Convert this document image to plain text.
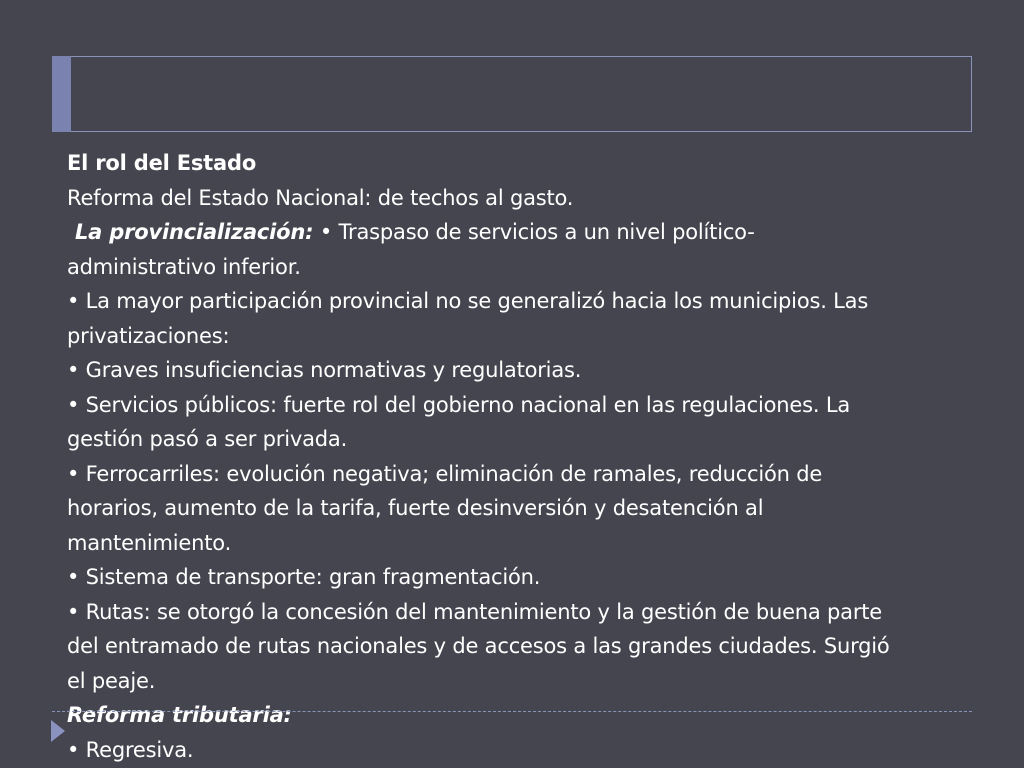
El rol del Estado

Reforma del Estado Nacional: de techos al gasto.

La provincialización: • Traspaso de servicios a un nivel político-

administrativo inferior.

• La mayor participación provincial no se generalizó hacia los municipios. Las

privatizaciones:

• Graves insuficiencias normativas y regulatorias.

• Servicios públicos: fuerte rol del gobierno nacional en las regulaciones. La

gestión pasó a ser privada.

• Ferrocarriles: evolución negativa; eliminación de ramales, reducción de

horarios, aumento de la tarifa, fuerte desinversión y desatención al

mantenimiento.

• Sistema de transporte: gran fragmentación.

• Rutas: se otorgó la concesión del mantenimiento y la gestión de buena parte

del entramado de rutas nacionales y de accesos a las grandes ciudades. Surgió

el peaje.

Reforma tributaria:

• Regresiva.
